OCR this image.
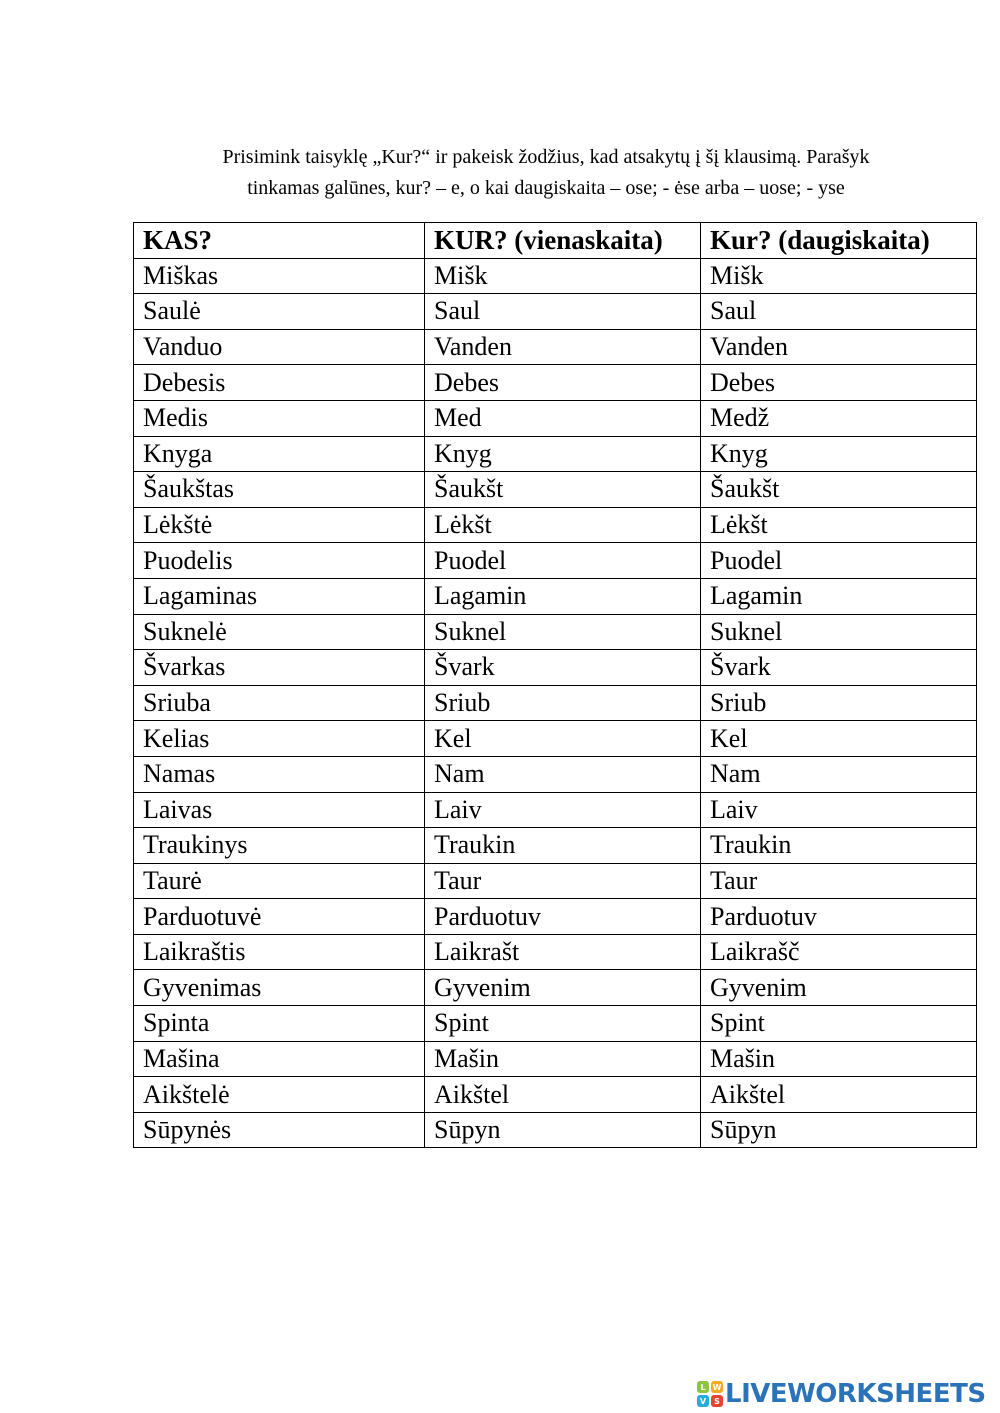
Prisimink taisyklę „Kur?“ ir pakeisk žodžius, kad atsakytų į šį klausimą. Parašyk
tinkamas galūnes, kur? – e, o kai daugiskaita – ose; - ėse arba – uose; - yse
KAS?	KUR? (vienaskaita)	Kur? (daugiskaita)
Miškas	Mišk	Mišk
Saulė	Saul	Saul
Vanduo	Vanden	Vanden
Debesis	Debes	Debes
Medis	Med	Medž
Knyga	Knyg	Knyg
Šaukštas	Šaukšt	Šaukšt
Lėkštė	Lėkšt	Lėkšt
Puodelis	Puodel	Puodel
Lagaminas	Lagamin	Lagamin
Suknelė	Suknel	Suknel
Švarkas	Švark	Švark
Sriuba	Sriub	Sriub
Kelias	Kel	Kel
Namas	Nam	Nam
Laivas	Laiv	Laiv
Traukinys	Traukin	Traukin
Taurė	Taur	Taur
Parduotuvė	Parduotuv	Parduotuv
Laikraštis	Laikrašt	Laikrašč
Gyvenimas	Gyvenim	Gyvenim
Spinta	Spint	Spint
Mašina	Mašin	Mašin
Aikštelė	Aikštel	Aikštel
Sūpynės	Sūpyn	Sūpyn
L W
V	S LIVEWORKSHEETS
